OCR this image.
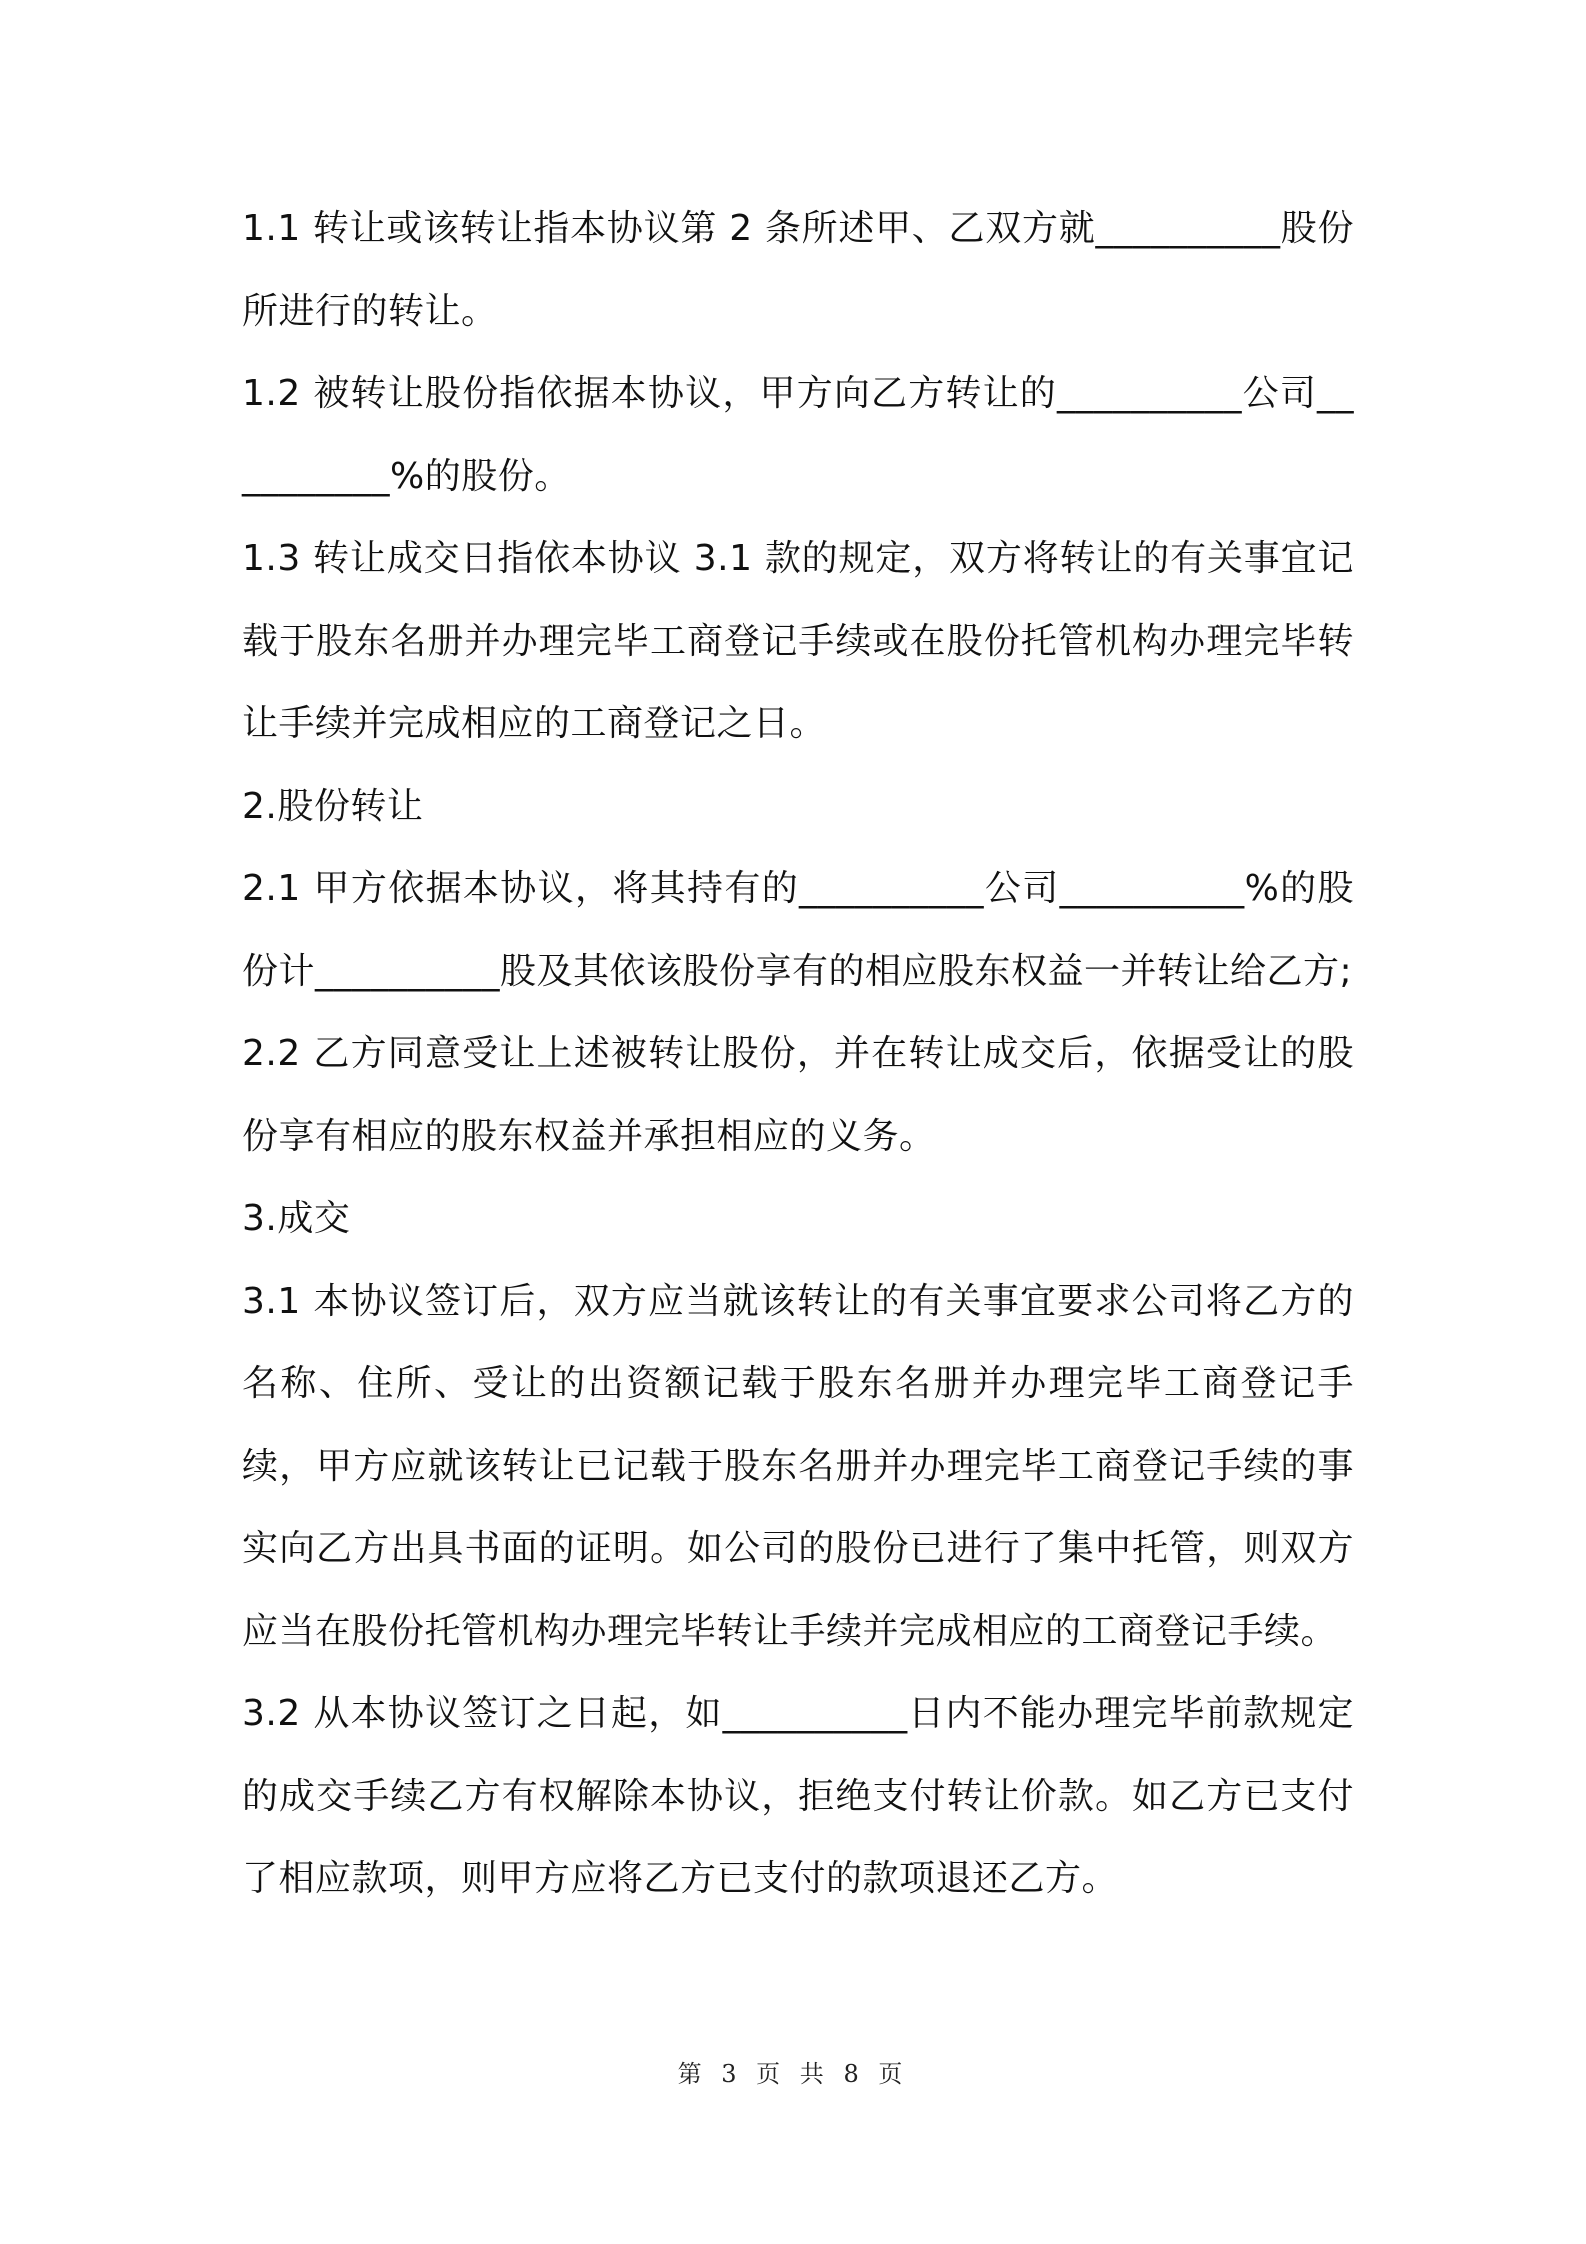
1.1 转让或该转让指本协议第 2 条所述甲、乙双方就__________股份所进行的转让。

1.2 被转让股份指依据本协议，甲方向乙方转让的__________公司__________%的股份。

1.3 转让成交日指依本协议 3.1 款的规定，双方将转让的有关事宜记载于股东名册并办理完毕工商登记手续或在股份托管机构办理完毕转让手续并完成相应的工商登记之日。

2.股份转让

2.1 甲方依据本协议，将其持有的__________公司__________%的股份计__________股及其依该股份享有的相应股东权益一并转让给乙方;

2.2 乙方同意受让上述被转让股份，并在转让成交后，依据受让的股份享有相应的股东权益并承担相应的义务。

3.成交

3.1 本协议签订后，双方应当就该转让的有关事宜要求公司将乙方的名称、住所、受让的出资额记载于股东名册并办理完毕工商登记手续，甲方应就该转让已记载于股东名册并办理完毕工商登记手续的事实向乙方出具书面的证明。如公司的股份已进行了集中托管，则双方应当在股份托管机构办理完毕转让手续并完成相应的工商登记手续。

3.2 从本协议签订之日起，如__________日内不能办理完毕前款规定的成交手续乙方有权解除本协议，拒绝支付转让价款。如乙方已支付了相应款项，则甲方应将乙方已支付的款项退还乙方。

第 3 页 共 8 页
